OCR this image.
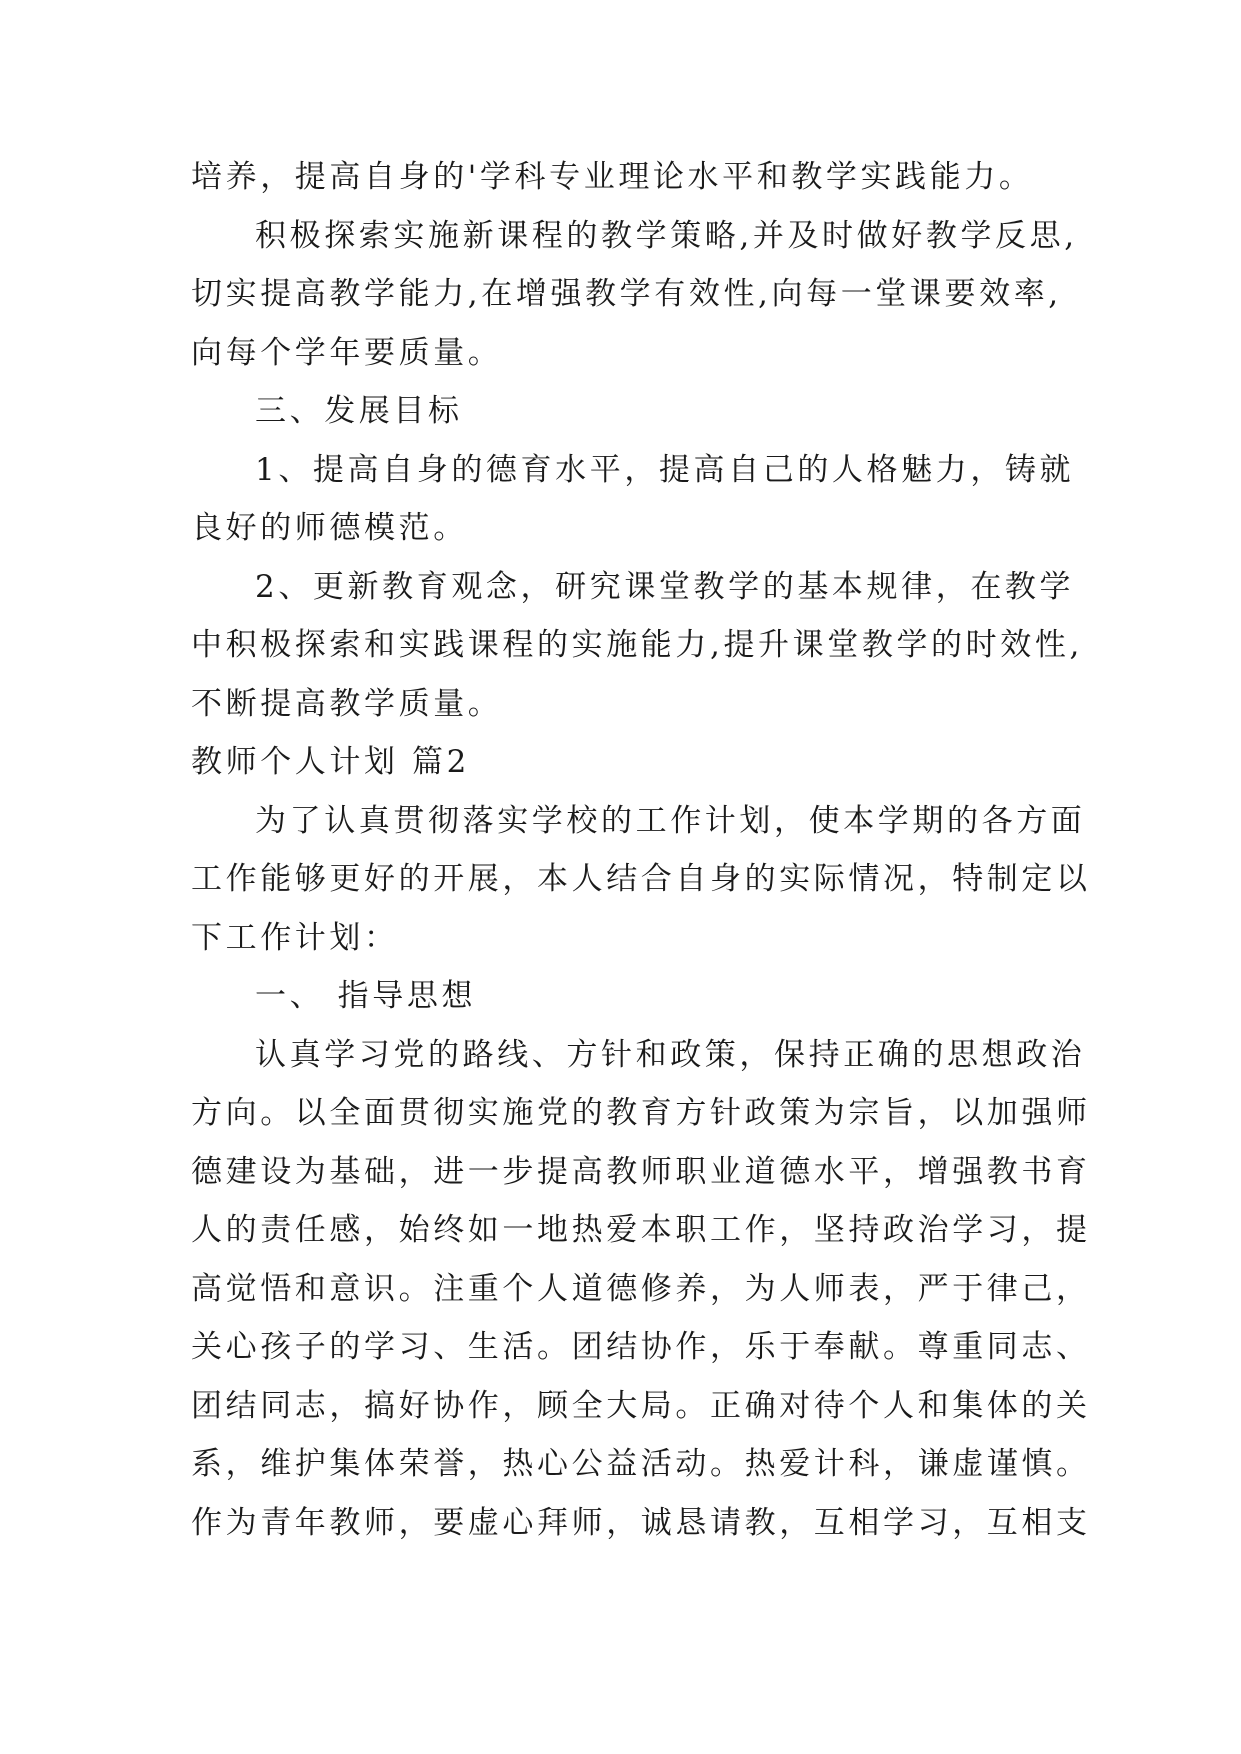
培养，提高自身的'学科专业理论水平和教学实践能力。
积极探索实施新课程的教学策略,并及时做好教学反思,
切实提高教学能力,在增强教学有效性,向每一堂课要效率,
向每个学年要质量。
三、发展目标
1、提高自身的德育水平，提高自己的人格魅力，铸就
良好的师德模范。
2、更新教育观念，研究课堂教学的基本规律，在教学
中积极探索和实践课程的实施能力,提升课堂教学的时效性,
不断提高教学质量。
教师个人计划 篇2
为了认真贯彻落实学校的工作计划，使本学期的各方面
工作能够更好的开展，本人结合自身的实际情况，特制定以
下工作计划：
一、 指导思想
认真学习党的路线、方针和政策，保持正确的思想政治
方向。以全面贯彻实施党的教育方针政策为宗旨，以加强师
德建设为基础，进一步提高教师职业道德水平，增强教书育
人的责任感，始终如一地热爱本职工作，坚持政治学习，提
高觉悟和意识。注重个人道德修养，为人师表，严于律己，
关心孩子的学习、生活。团结协作，乐于奉献。尊重同志、
团结同志，搞好协作，顾全大局。正确对待个人和集体的关
系，维护集体荣誉，热心公益活动。热爱计科，谦虚谨慎。
作为青年教师，要虚心拜师，诚恳请教，互相学习，互相支
